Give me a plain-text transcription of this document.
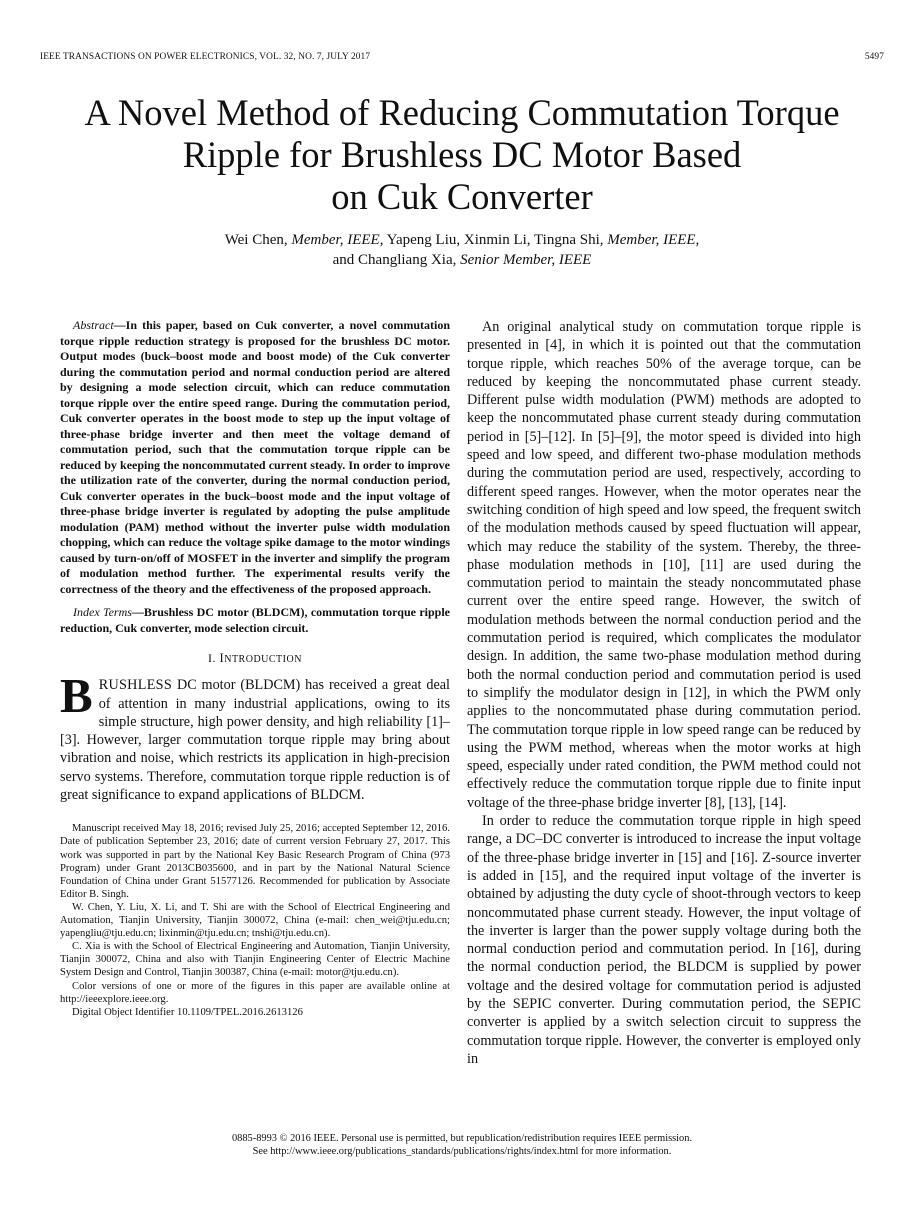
IEEE TRANSACTIONS ON POWER ELECTRONICS, VOL. 32, NO. 7, JULY 2017	5497
A Novel Method of Reducing Commutation Torque
Ripple for Brushless DC Motor Based
on Cuk Converter
Wei Chen, Member, IEEE, Yapeng Liu, Xinmin Li, Tingna Shi, Member, IEEE,
and Changliang Xia, Senior Member, IEEE

Abstract—In this paper, based on Cuk converter, a novel commutation torque ripple reduction strategy is proposed for the brushless DC motor. Output modes (buck–boost mode and boost mode) of the Cuk converter during the commutation period and normal conduction period are altered by designing a mode selection circuit, which can reduce commutation torque ripple over the entire speed range. During the commutation period, Cuk converter operates in the boost mode to step up the input voltage of three-phase bridge inverter and then meet the voltage demand of commutation period, such that the commutation torque ripple can be reduced by keeping the noncommutated current steady. In order to improve the utilization rate of the converter, during the normal conduction period, Cuk converter operates in the buck–boost mode and the input voltage of three-phase bridge inverter is regulated by adopting the pulse amplitude modulation (PAM) method without the inverter pulse width modulation chopping, which can reduce the voltage spike damage to the motor windings caused by turn-on/off of MOSFET in the inverter and simplify the program of modulation method further. The experimental results verify the correctness of the theory and the effectiveness of the proposed approach.

Index Terms—Brushless DC motor (BLDCM), commutation torque ripple reduction, Cuk converter, mode selection circuit.

I. INTRODUCTION

BRUSHLESS DC motor (BLDCM) has received a great deal of attention in many industrial applications, owing to its simple structure, high power density, and high reliability [1]–[3]. However, larger commutation torque ripple may bring about vibration and noise, which restricts its application in high-precision servo systems. Therefore, commutation torque ripple reduction is of great significance to expand applications of BLDCM.

Manuscript received May 18, 2016; revised July 25, 2016; accepted September 12, 2016. Date of publication September 23, 2016; date of current version February 27, 2017. This work was supported in part by the National Key Basic Research Program of China (973 Program) under Grant 2013CB035600, and in part by the National Natural Science Foundation of China under Grant 51577126. Recommended for publication by Associate Editor B. Singh.

W. Chen, Y. Liu, X. Li, and T. Shi are with the School of Electrical Engineering and Automation, Tianjin University, Tianjin 300072, China (e-mail: chen_wei@tju.edu.cn; yapengliu@tju.edu.cn; lixinmin@tju.edu.cn; tnshi@tju.edu.cn).

C. Xia is with the School of Electrical Engineering and Automation, Tianjin University, Tianjin 300072, China and also with Tianjin Engineering Center of Electric Machine System Design and Control, Tianjin 300387, China (e-mail: motor@tju.edu.cn).

Color versions of one or more of the figures in this paper are available online at http://ieeexplore.ieee.org.

Digital Object Identifier 10.1109/TPEL.2016.2613126

An original analytical study on commutation torque ripple is presented in [4], in which it is pointed out that the commutation torque ripple, which reaches 50% of the average torque, can be reduced by keeping the noncommutated phase current steady. Different pulse width modulation (PWM) methods are adopted to keep the noncommutated phase current steady during commutation period in [5]–[12]. In [5]–[9], the motor speed is divided into high speed and low speed, and different two-phase modulation methods during the commutation period are used, respectively, according to different speed ranges. However, when the motor operates near the switching condition of high speed and low speed, the frequent switch of the modulation methods caused by speed fluctuation will appear, which may reduce the stability of the system. Thereby, the three-phase modulation methods in [10], [11] are used during the commutation period to maintain the steady noncommutated phase current over the entire speed range. However, the switch of modulation methods between the normal conduction period and the commutation period is required, which complicates the modulator design. In addition, the same two-phase modulation method during both the normal conduction period and commutation period is used to simplify the modulator design in [12], in which the PWM only applies to the noncommutated phase during commutation period. The commutation torque ripple in low speed range can be reduced by using the PWM method, whereas when the motor works at high speed, especially under rated condition, the PWM method could not effectively reduce the commutation torque ripple due to finite input voltage of the three-phase bridge inverter [8], [13], [14].

In order to reduce the commutation torque ripple in high speed range, a DC–DC converter is introduced to increase the input voltage of the three-phase bridge inverter in [15] and [16]. Z-source inverter is added in [15], and the required input voltage of the inverter is obtained by adjusting the duty cycle of shoot-through vectors to keep noncommutated phase current steady. However, the input voltage of the inverter is larger than the power supply voltage during both the normal conduction period and commutation period. In [16], during the normal conduction period, the BLDCM is supplied by power voltage and the desired voltage for commutation period is adjusted by the SEPIC converter. During commutation period, the SEPIC converter is applied by a switch selection circuit to suppress the commutation torque ripple. However, the converter is employed only in

0885-8993 © 2016 IEEE. Personal use is permitted, but republication/redistribution requires IEEE permission.
See http://www.ieee.org/publications_standards/publications/rights/index.html for more information.
